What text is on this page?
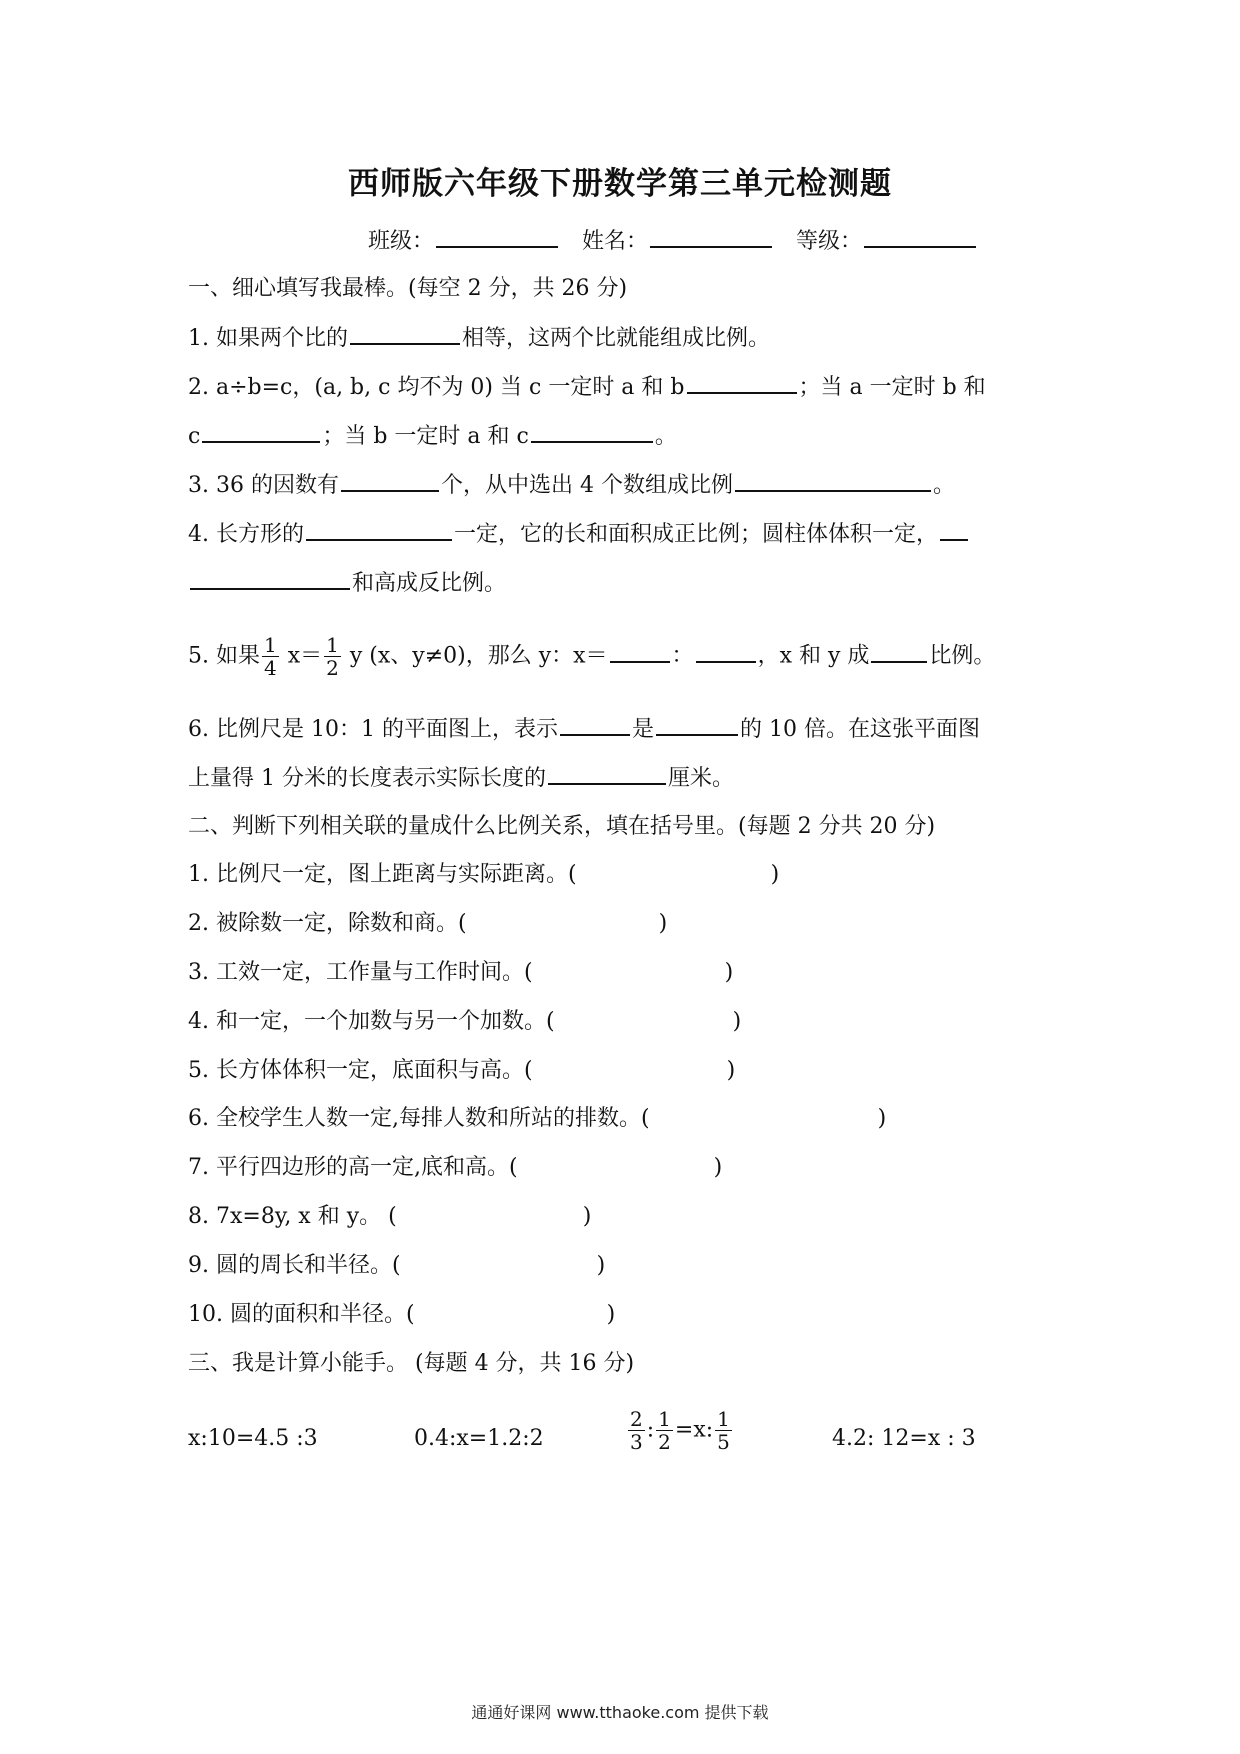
西师版六年级下册数学第三单元检测题
班级：	姓名：	等级：
一、细心填写我最棒。(每空 2 分，共 26 分)
1. 如果两个比的	相等，这两个比就能组成比例。
2. a÷b=c，(a, b, c 均不为 0) 当 c 一定时 a 和 b	；当 a 一定时 b 和
c	；当 b 一定时 a 和 c	。
3. 36 的因数有	个，从中选出 4 个数组成比例	。
4. 长方形的	一定，它的长和面积成正比例；圆柱体体积一定，
和高成反比例。
5. 如果 $\frac{1}{4} x= \frac{1}{2}$ y (x、y≠0)，那么 y：x＝	：	，x 和 y 成	比例。
6. 比例尺是 10：1 的平面图上，表示	是	的 10 倍。在这张平面图
上量得 1 分米的长度表示实际长度的	厘米。
二、判断下列相关联的量成什么比例关系，填在括号里。(每题 2 分共 20 分)
1. 比例尺一定，图上距离与实际距离。(	)
2. 被除数一定，除数和商。(	)
3. 工效一定，工作量与工作时间。(	)
4. 和一定，一个加数与另一个加数。(	)
5. 长方体体积一定，底面积与高。(	)
6. 全校学生人数一定,每排人数和所站的排数。(	)
7. 平行四边形的高一定,底和高。(	)
8. 7x=8y, x 和 y。 (	)
9. 圆的周长和半径。(	)
10. 圆的面积和半径。(	)
三、我是计算小能手。 (每题 4 分，共 16 分)
x:10=4.5 :3	0.4:x=1.2:2	$\frac{2}{3}$ : $\frac{1}{2} =x$: $\frac{1}{5}$	4.2: 12=x : 3
通通好课网 www.tthaoke.com 提供下载
